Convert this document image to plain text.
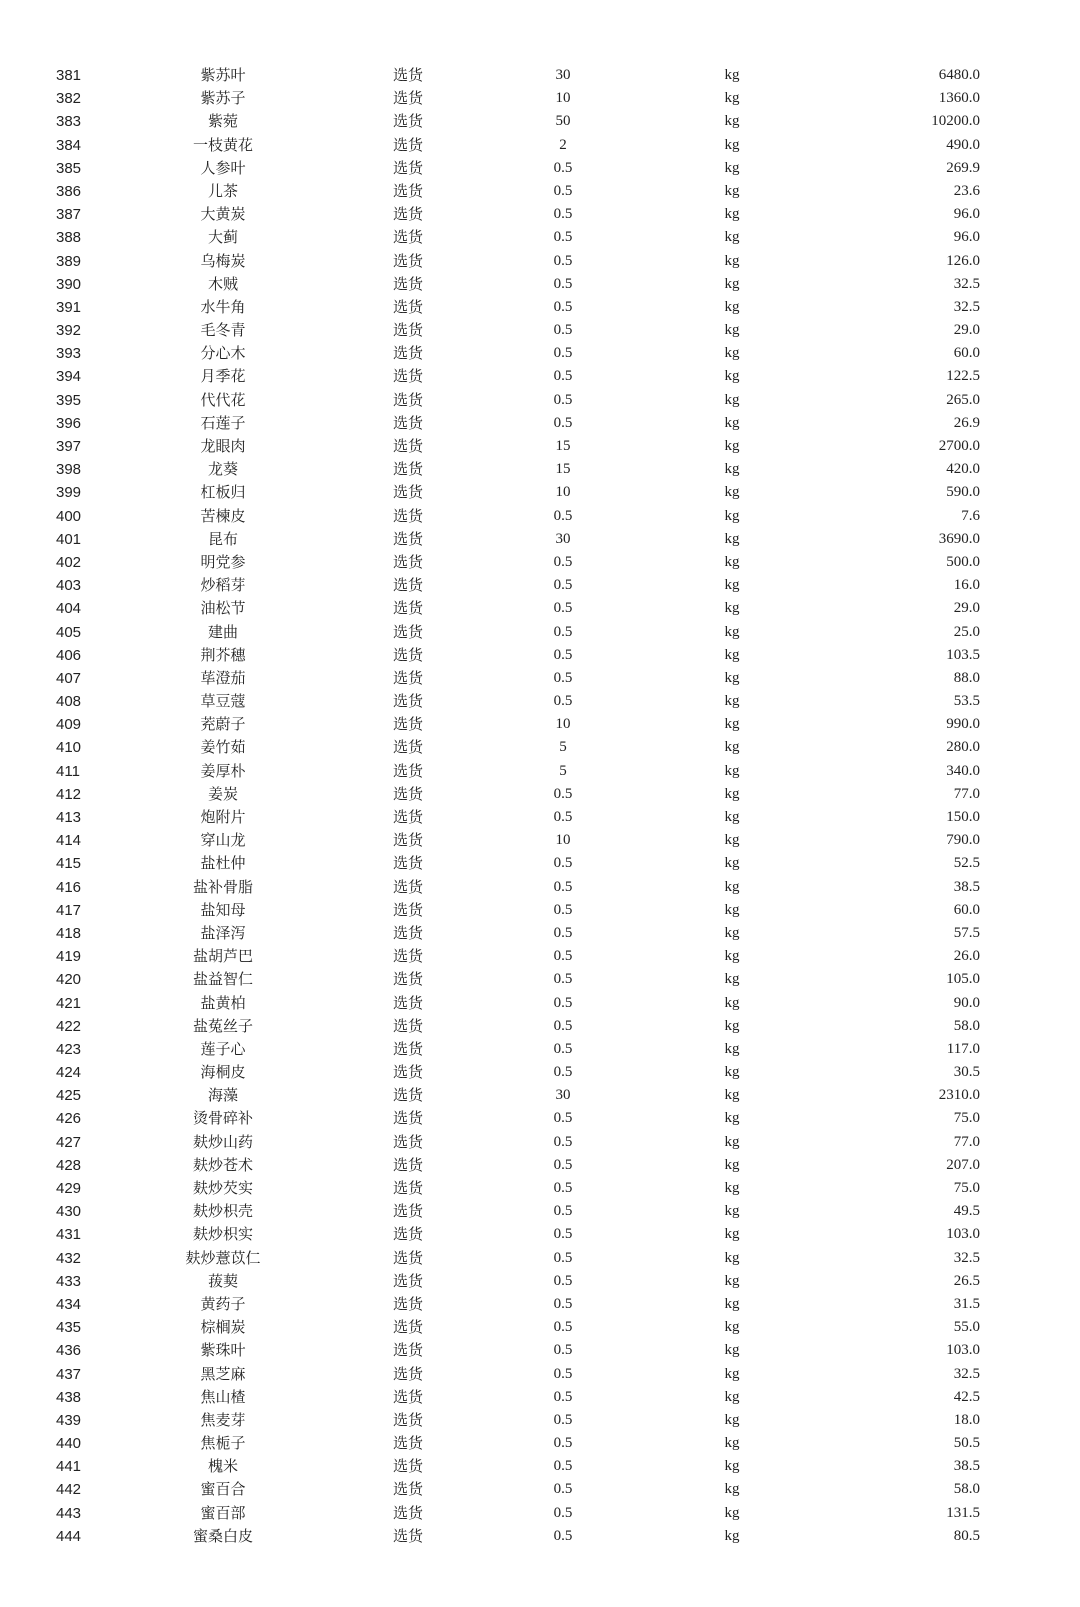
381	紫苏叶	选货	30	kg	6480.0
382	紫苏子	选货	10	kg	1360.0
383	紫菀	选货	50	kg	10200.0
384	一枝黄花	选货	2	kg	490.0
385	人参叶	选货	0.5	kg	269.9
386	儿茶	选货	0.5	kg	23.6
387	大黄炭	选货	0.5	kg	96.0
388	大蓟	选货	0.5	kg	96.0
389	乌梅炭	选货	0.5	kg	126.0
390	木贼	选货	0.5	kg	32.5
391	水牛角	选货	0.5	kg	32.5
392	毛冬青	选货	0.5	kg	29.0
393	分心木	选货	0.5	kg	60.0
394	月季花	选货	0.5	kg	122.5
395	代代花	选货	0.5	kg	265.0
396	石莲子	选货	0.5	kg	26.9
397	龙眼肉	选货	15	kg	2700.0
398	龙葵	选货	15	kg	420.0
399	杠板归	选货	10	kg	590.0
400	苦楝皮	选货	0.5	kg	7.6
401	昆布	选货	30	kg	3690.0
402	明党参	选货	0.5	kg	500.0
403	炒稻芽	选货	0.5	kg	16.0
404	油松节	选货	0.5	kg	29.0
405	建曲	选货	0.5	kg	25.0
406	荆芥穗	选货	0.5	kg	103.5
407	荜澄茄	选货	0.5	kg	88.0
408	草豆蔻	选货	0.5	kg	53.5
409	茺蔚子	选货	10	kg	990.0
410	姜竹茹	选货	5	kg	280.0
411	姜厚朴	选货	5	kg	340.0
412	姜炭	选货	0.5	kg	77.0
413	炮附片	选货	0.5	kg	150.0
414	穿山龙	选货	10	kg	790.0
415	盐杜仲	选货	0.5	kg	52.5
416	盐补骨脂	选货	0.5	kg	38.5
417	盐知母	选货	0.5	kg	60.0
418	盐泽泻	选货	0.5	kg	57.5
419	盐胡芦巴	选货	0.5	kg	26.0
420	盐益智仁	选货	0.5	kg	105.0
421	盐黄柏	选货	0.5	kg	90.0
422	盐菟丝子	选货	0.5	kg	58.0
423	莲子心	选货	0.5	kg	117.0
424	海桐皮	选货	0.5	kg	30.5
425	海藻	选货	30	kg	2310.0
426	烫骨碎补	选货	0.5	kg	75.0
427	麸炒山药	选货	0.5	kg	77.0
428	麸炒苍术	选货	0.5	kg	207.0
429	麸炒芡实	选货	0.5	kg	75.0
430	麸炒枳壳	选货	0.5	kg	49.5
431	麸炒枳实	选货	0.5	kg	103.0
432	麸炒薏苡仁	选货	0.5	kg	32.5
433	菝葜	选货	0.5	kg	26.5
434	黄药子	选货	0.5	kg	31.5
435	棕榈炭	选货	0.5	kg	55.0
436	紫珠叶	选货	0.5	kg	103.0
437	黑芝麻	选货	0.5	kg	32.5
438	焦山楂	选货	0.5	kg	42.5
439	焦麦芽	选货	0.5	kg	18.0
440	焦栀子	选货	0.5	kg	50.5
441	槐米	选货	0.5	kg	38.5
442	蜜百合	选货	0.5	kg	58.0
443	蜜百部	选货	0.5	kg	131.5
444	蜜桑白皮	选货	0.5	kg	80.5
